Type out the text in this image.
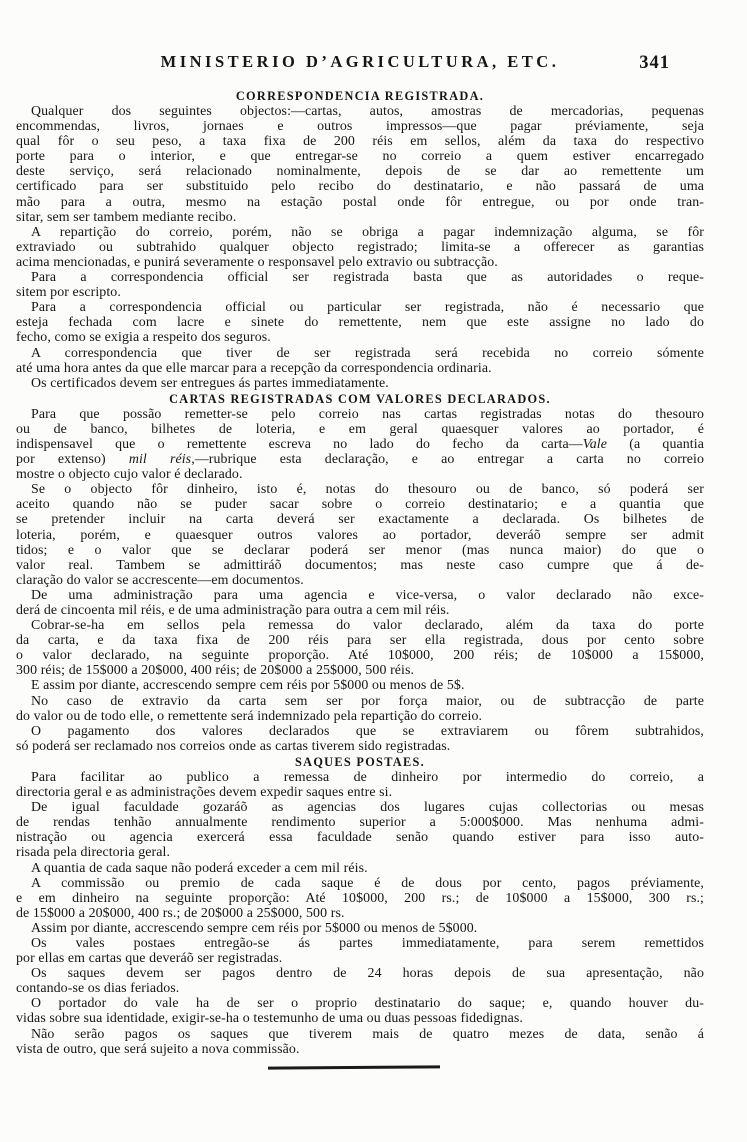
MINISTERIO D’AGRICULTURA, ETC.	341
CORRESPONDENCIA REGISTRADA.
Qualquer dos seguintes objectos:—cartas, autos, amostras de mercadorias, pequenas
encommendas, livros, jornaes e outros impressos—que pagar préviamente, seja
qual fôr o seu peso, a taxa fixa de 200 réis em sellos, além da taxa do respectivo
porte para o interior, e que entregar-se no correio a quem estiver encarregado
deste serviço, será relacionado nominalmente, depois de se dar ao remettente um
certificado para ser substituido pelo recibo do destinatario, e não passará de uma
mão para a outra, mesmo na estação postal onde fôr entregue, ou por onde tran-
sitar, sem ser tambem mediante recibo.
A repartição do correio, porém, não se obriga a pagar indemnização alguma, se fôr
extraviado ou subtrahido qualquer objecto registrado; limita-se a offerecer as garantias
acima mencionadas, e punirá severamente o responsavel pelo extravio ou subtracção.
Para a correspondencia official ser registrada basta que as autoridades o reque-
sitem por escripto.
Para a correspondencia official ou particular ser registrada, não é necessario que
esteja fechada com lacre e sinete do remettente, nem que este assigne no lado do
fecho, como se exigia a respeito dos seguros.
A correspondencia que tiver de ser registrada será recebida no correio sómente
até uma hora antes da que elle marcar para a recepção da correspondencia ordinaria.
Os certificados devem ser entregues ás partes immediatamente.
CARTAS REGISTRADAS COM VALORES DECLARADOS.
Para que possão remetter-se pelo correio nas cartas registradas notas do thesouro
ou de banco, bilhetes de loteria, e em geral quaesquer valores ao portador, é
indispensavel que o remettente escreva no lado do fecho da carta—Vale (a quantia
por extenso) mil réis,—rubrique esta declaração, e ao entregar a carta no correio
mostre o objecto cujo valor é declarado.
Se o objecto fôr dinheiro, isto é, notas do thesouro ou de banco, só poderá ser
aceito quando não se puder sacar sobre o correio destinatario; e a quantia que
se pretender incluir na carta deverá ser exactamente a declarada. Os bilhetes de
loteria, porém, e quaesquer outros valores ao portador, deveráõ sempre ser admit
tidos; e o valor que se declarar poderá ser menor (mas nunca maior) do que o
valor real. Tambem se admittiráõ documentos; mas neste caso cumpre que á de-
claração do valor se accrescente—em documentos.
De uma administração para uma agencia e vice-versa, o valor declarado não exce-
derá de cincoenta mil réis, e de uma administração para outra a cem mil réis.
Cobrar-se-ha em sellos pela remessa do valor declarado, além da taxa do porte
da carta, e da taxa fixa de 200 réis para ser ella registrada, dous por cento sobre
o valor declarado, na seguinte proporção. Até 10$000, 200 réis; de 10$000 a 15$000,
300 réis; de 15$000 a 20$000, 400 réis; de 20$000 a 25$000, 500 réis.
E assim por diante, accrescendo sempre cem réis por 5$000 ou menos de 5$.
No caso de extravio da carta sem ser por força maior, ou de subtracção de parte
do valor ou de todo elle, o remettente será indemnizado pela repartição do correio.
O pagamento dos valores declarados que se extraviarem ou fôrem subtrahidos,
só poderá ser reclamado nos correios onde as cartas tiverem sido registradas.
SAQUES POSTAES.
Para facilitar ao publico a remessa de dinheiro por intermedio do correio, a
directoria geral e as administrações devem expedir saques entre si.
De igual faculdade gozaráõ as agencias dos lugares cujas collectorias ou mesas
de rendas tenhão annualmente rendimento superior a 5:000$000. Mas nenhuma admi-
nistração ou agencia exercerá essa faculdade senão quando estiver para isso auto-
risada pela directoria geral.
A quantia de cada saque não poderá exceder a cem mil réis.
A commissão ou premio de cada saque é de dous por cento, pagos préviamente,
e em dinheiro na seguinte proporção: Até 10$000, 200 rs.; de 10$000 a 15$000, 300 rs.;
de 15$000 a 20$000, 400 rs.; de 20$000 a 25$000, 500 rs.
Assim por diante, accrescendo sempre cem réis por 5$000 ou menos de 5$000.
Os vales postaes entregão-se ás partes immediatamente, para serem remettidos
por ellas em cartas que deveráõ ser registradas.
Os saques devem ser pagos dentro de 24 horas depois de sua apresentação, não
contando-se os dias feriados.
O portador do vale ha de ser o proprio destinatario do saque; e, quando houver du-
vidas sobre sua identidade, exigir-se-ha o testemunho de uma ou duas pessoas fidedignas.
Não serão pagos os saques que tiverem mais de quatro mezes de data, senão á
vista de outro, que será sujeito a nova commissão.
